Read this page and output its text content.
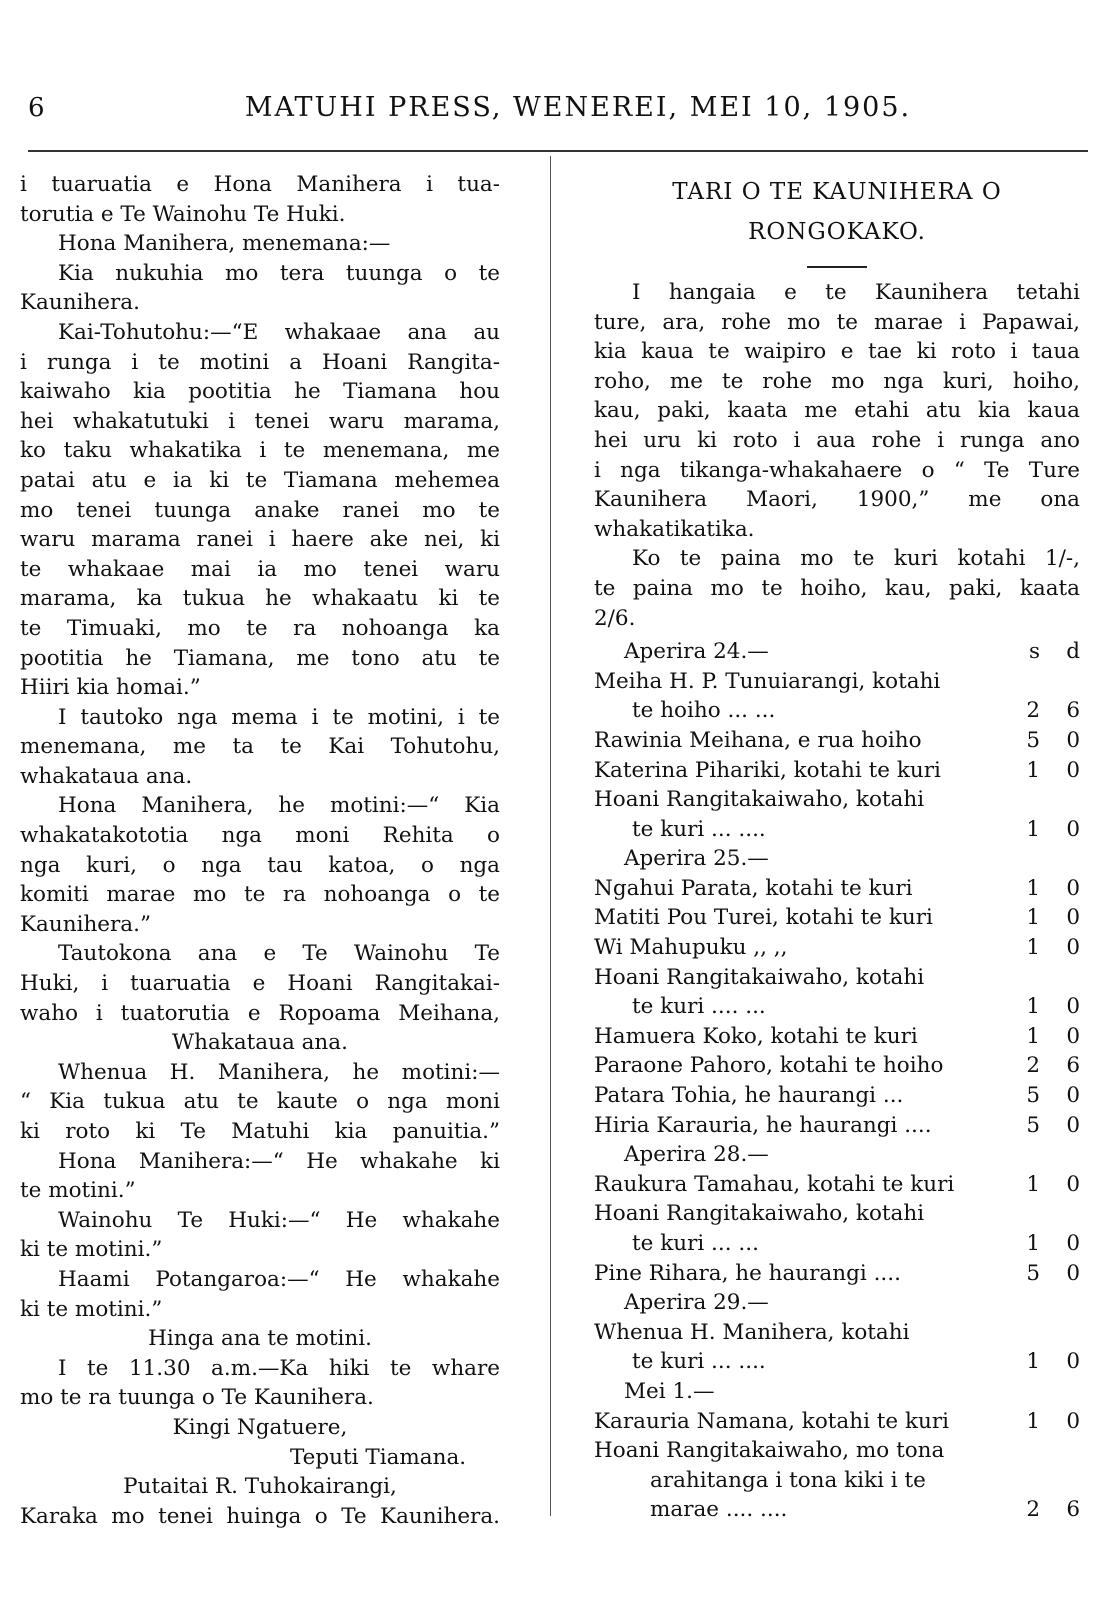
6	MATUHI PRESS, WENEREI, MEI 10, 1905.

i tuaruatia e Hona Manihera i tua-

torutia e Te Wainohu Te Huki.

Hona Manihera, menemana:—

Kia nukuhia mo tera tuunga o te

Kaunihera.

Kai-Tohutohu:—“E whakaae ana au

i runga i te motini a Hoani Rangita-

kaiwaho kia pootitia he Tiamana hou

hei whakatutuki i tenei waru marama,

ko taku whakatika i te menemana, me

patai atu e ia ki te Tiamana mehemea

mo tenei tuunga anake ranei mo te

waru marama ranei i haere ake nei, ki

te whakaae mai ia mo tenei waru

marama, ka tukua he whakaatu ki te

te Timuaki, mo te ra nohoanga ka

pootitia he Tiamana, me tono atu te

Hiiri kia homai.”

I tautoko nga mema i te motini, i te

menemana, me ta te Kai Tohutohu,

whakataua ana.

Hona Manihera, he motini:—“ Kia

whakatakototia nga moni Rehita o

nga kuri, o nga tau katoa, o nga

komiti marae mo te ra nohoanga o te

Kaunihera.”

Tautokona ana e Te Wainohu Te

Huki, i tuaruatia e Hoani Rangitakai-

waho i tuatorutia e Ropoama Meihana,

Whakataua ana.

Whenua H. Manihera, he motini:—

“ Kia tukua atu te kaute o nga moni

ki roto ki Te Matuhi kia panuitia.”

Hona Manihera:—“ He whakahe ki

te motini.”

Wainohu Te Huki:—“ He whakahe

ki te motini.”

Haami Potangaroa:—“ He whakahe

ki te motini.”

Hinga ana te motini.

I te 11.30 a.m.—Ka hiki te whare

mo te ra tuunga o Te Kaunihera.

Kingi Ngatuere,

Teputi Tiamana.

Putaitai R. Tuhokairangi,

Karaka mo tenei huinga o Te Kaunihera.

TARI O TE KAUNIHERA O
RONGOKAKO.

I hangaia e te Kaunihera tetahi

ture, ara, rohe mo te marae i Papawai,

kia kaua te waipiro e tae ki roto i taua

roho, me te rohe mo nga kuri, hoiho,

kau, paki, kaata me etahi atu kia kaua

hei uru ki roto i aua rohe i runga ano

i nga tikanga-whakahaere o “ Te Ture

Kaunihera Maori, 1900,” me ona

whakatikatika.

Ko te paina mo te kuri kotahi 1/-,

te paina mo te hoiho, kau, paki, kaata

2/6.

Aperira 24.—	s	d
Meiha H. P. Tunuiarangi, kotahi
te hoiho ... ...	2	6
Rawinia Meihana, e rua hoiho	5	0
Katerina Pihariki, kotahi te kuri	1	0
Hoani Rangitakaiwaho, kotahi
te kuri ... ....	1	0
Aperira 25.—
Ngahui Parata, kotahi te kuri	1	0
Matiti Pou Turei, kotahi te kuri	1	0
Wi Mahupuku ,, ,,	1	0
Hoani Rangitakaiwaho, kotahi
te kuri .... ...	1	0
Hamuera Koko, kotahi te kuri	1	0
Paraone Pahoro, kotahi te hoiho	2	6
Patara Tohia, he haurangi ...	5	0
Hiria Karauria, he haurangi ....	5	0
Aperira 28.—
Raukura Tamahau, kotahi te kuri	1	0
Hoani Rangitakaiwaho, kotahi
te kuri ... ...	1	0
Pine Rihara, he haurangi ....	5	0
Aperira 29.—
Whenua H. Manihera, kotahi
te kuri ... ....	1	0
Mei 1.—
Karauria Namana, kotahi te kuri	1	0
Hoani Rangitakaiwaho, mo tona
arahitanga i tona kiki i te
marae .... ....	2	6
